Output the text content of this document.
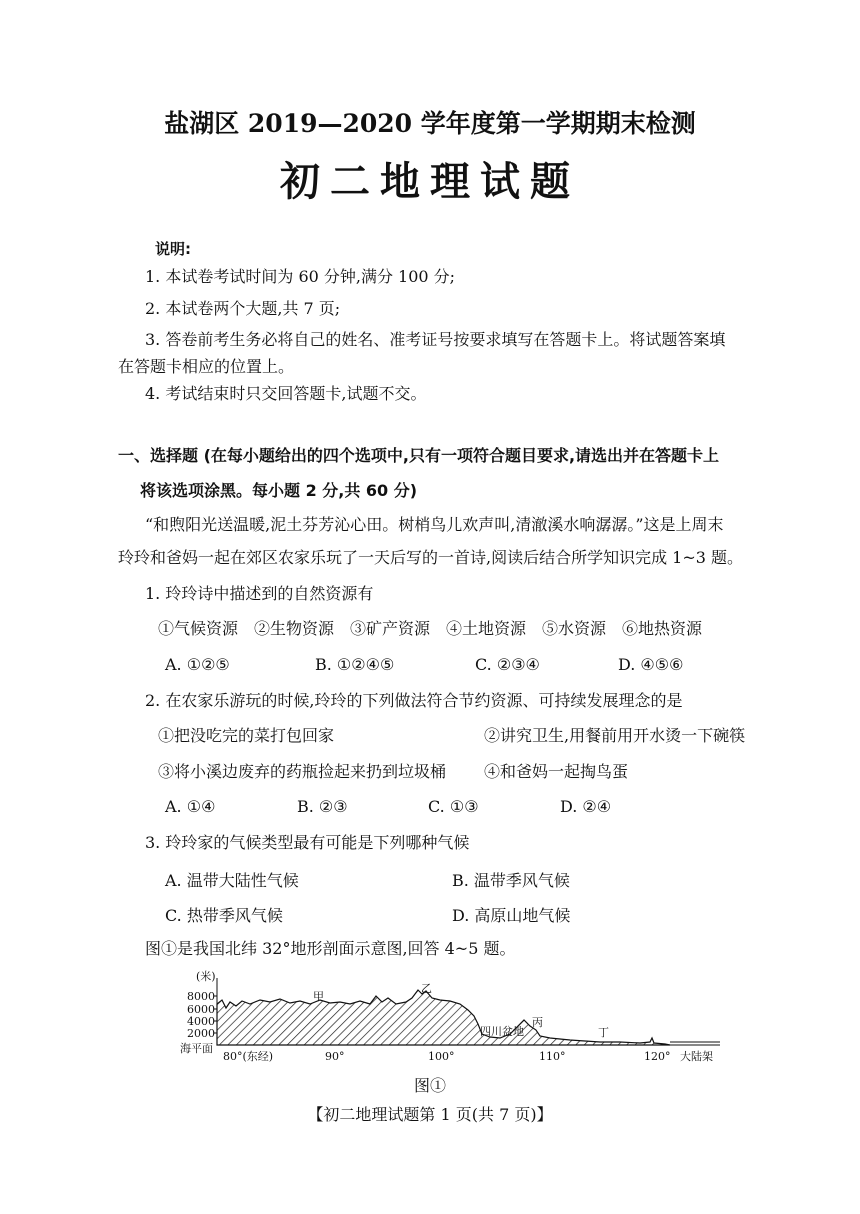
盐湖区 2019—2020 学年度第一学期期末检测
初二地理试题
说明:
1. 本试卷考试时间为 60 分钟,满分 100 分;
2. 本试卷两个大题,共 7 页;
3. 答卷前考生务必将自己的姓名、准考证号按要求填写在答题卡上。将试题答案填
在答题卡相应的位置上。
4. 考试结束时只交回答题卡,试题不交。
一、选择题 (在每小题给出的四个选项中,只有一项符合题目要求,请选出并在答题卡上
将该选项涂黑。每小题 2 分,共 60 分)
“和煦阳光送温暖,泥土芬芳沁心田。树梢鸟儿欢声叫,清澈溪水响潺潺。”这是上周末
玲玲和爸妈一起在郊区农家乐玩了一天后写的一首诗,阅读后结合所学知识完成 1~3 题。
1. 玲玲诗中描述到的自然资源有
①气候资源　②生物资源　③矿产资源　④土地资源　⑤水资源　⑥地热资源
A. ①②⑤	B. ①②④⑤	C. ②③④	D. ④⑤⑥
2. 在农家乐游玩的时候,玲玲的下列做法符合节约资源、可持续发展理念的是
①把没吃完的菜打包回家	②讲究卫生,用餐前用开水烫一下碗筷
③将小溪边废弃的药瓶捡起来扔到垃圾桶 ④和爸妈一起掏鸟蛋
A. ①④	B. ②③	C. ①③	D. ②④
3. 玲玲家的气候类型最有可能是下列哪种气候
A. 温带大陆性气候	B. 温带季风气候
C. 热带季风气候	D. 高原山地气候
图①是我国北纬 32°地形剖面示意图,回答 4~5 题。
(米)
8000
6000
4000
2000
海平面
80°(东经)	90°	100°	110°	120°
甲
乙
四川盆地
丙
丁
大陆架
图①
【初二地理试题第 1 页(共 7 页)】
